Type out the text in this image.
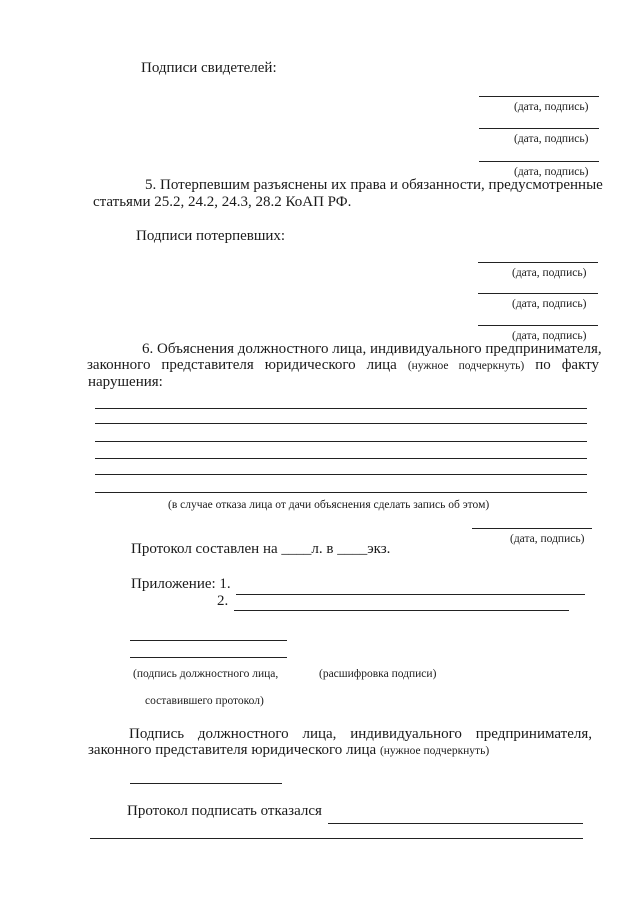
Подписи свидетелей:
(дата, подпись)
(дата, подпись)
(дата, подпись)
5. Потерпевшим разъяснены их права и обязанности, предусмотренные
статьями 25.2, 24.2, 24.3, 28.2 КоАП РФ.
Подписи потерпевших:
(дата, подпись)
(дата, подпись)
(дата, подпись)
6. Объяснения должностного лица, индивидуального предпринимателя,
законного представителя юридического лица (нужное подчеркнуть) по факту
нарушения:
(в случае отказа лица от дачи объяснения сделать запись об этом)
(дата, подпись)
Протокол составлен на ____л. в ____экз.
Приложение: 1.
2.
(подпись должностного лица,	(расшифровка подписи)
составившего протокол)
Подпись должностного лица, индивидуального предпринимателя,
законного представителя юридического лица (нужное подчеркнуть)
Протокол подписать отказался
